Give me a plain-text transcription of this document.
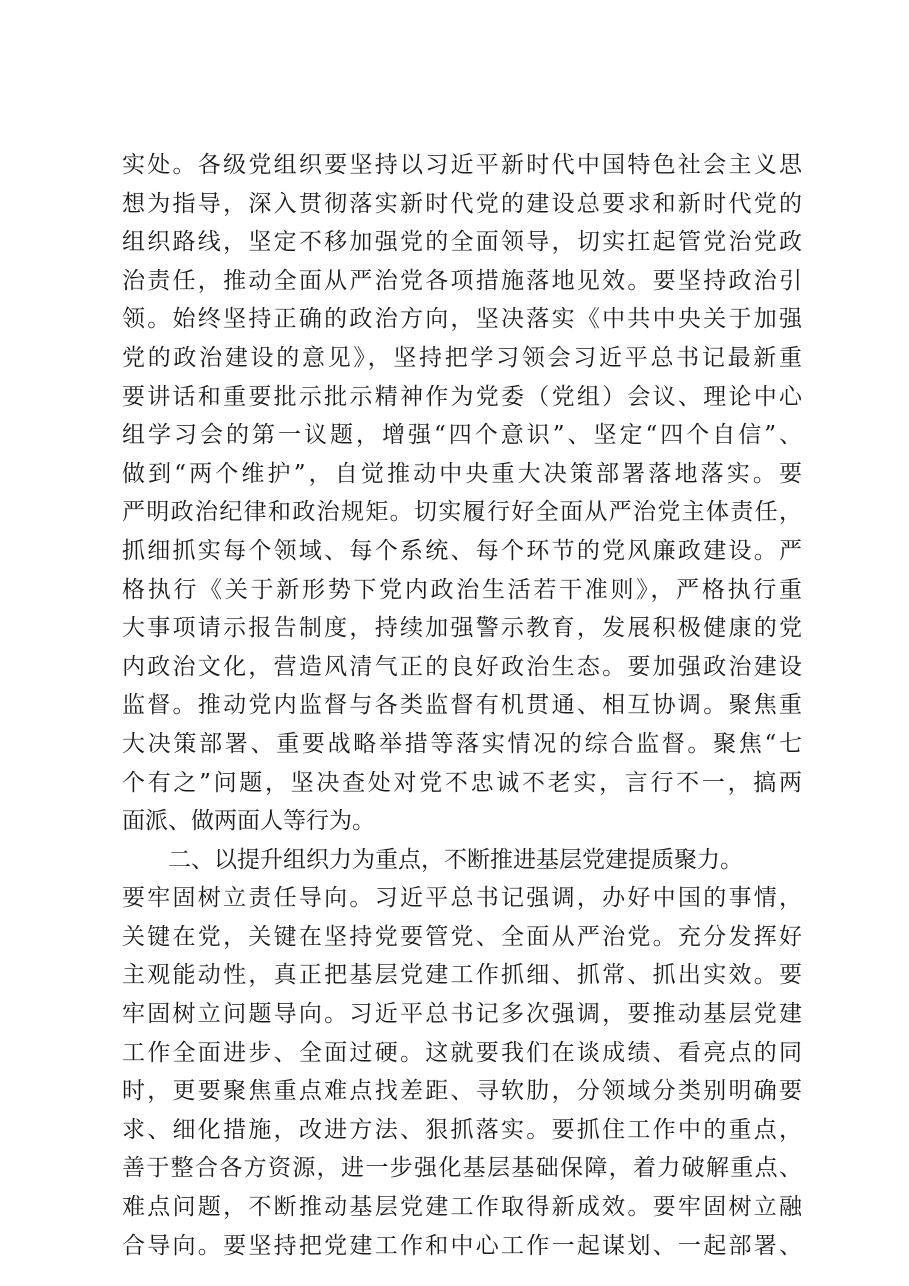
实处。各级党组织要坚持以习近平新时代中国特色社会主义思
想为指导，深入贯彻落实新时代党的建设总要求和新时代党的
组织路线，坚定不移加强党的全面领导，切实扛起管党治党政
治责任，推动全面从严治党各项措施落地见效。要坚持政治引
领。始终坚持正确的政治方向，坚决落实《中共中央关于加强
党的政治建设的意见》，坚持把学习领会习近平总书记最新重
要讲话和重要批示批示精神作为党委（党组）会议、理论中心
组学习会的第一议题，增强“四个意识”、坚定“四个自信”、
做到“两个维护”，自觉推动中央重大决策部署落地落实。要
严明政治纪律和政治规矩。切实履行好全面从严治党主体责任，
抓细抓实每个领域、每个系统、每个环节的党风廉政建设。严
格执行《关于新形势下党内政治生活若干准则》，严格执行重
大事项请示报告制度，持续加强警示教育，发展积极健康的党
内政治文化，营造风清气正的良好政治生态。要加强政治建设
监督。推动党内监督与各类监督有机贯通、相互协调。聚焦重
大决策部署、重要战略举措等落实情况的综合监督。聚焦“七
个有之”问题，坚决查处对党不忠诚不老实，言行不一，搞两
面派、做两面人等行为。
二、以提升组织力为重点，不断推进基层党建提质聚力。
要牢固树立责任导向。习近平总书记强调，办好中国的事情，
关键在党，关键在坚持党要管党、全面从严治党。充分发挥好
主观能动性，真正把基层党建工作抓细、抓常、抓出实效。要
牢固树立问题导向。习近平总书记多次强调，要推动基层党建
工作全面进步、全面过硬。这就要我们在谈成绩、看亮点的同
时，更要聚焦重点难点找差距、寻软肋，分领域分类别明确要
求、细化措施，改进方法、狠抓落实。要抓住工作中的重点，
善于整合各方资源，进一步强化基层基础保障，着力破解重点、
难点问题，不断推动基层党建工作取得新成效。要牢固树立融
合导向。要坚持把党建工作和中心工作一起谋划、一起部署、
